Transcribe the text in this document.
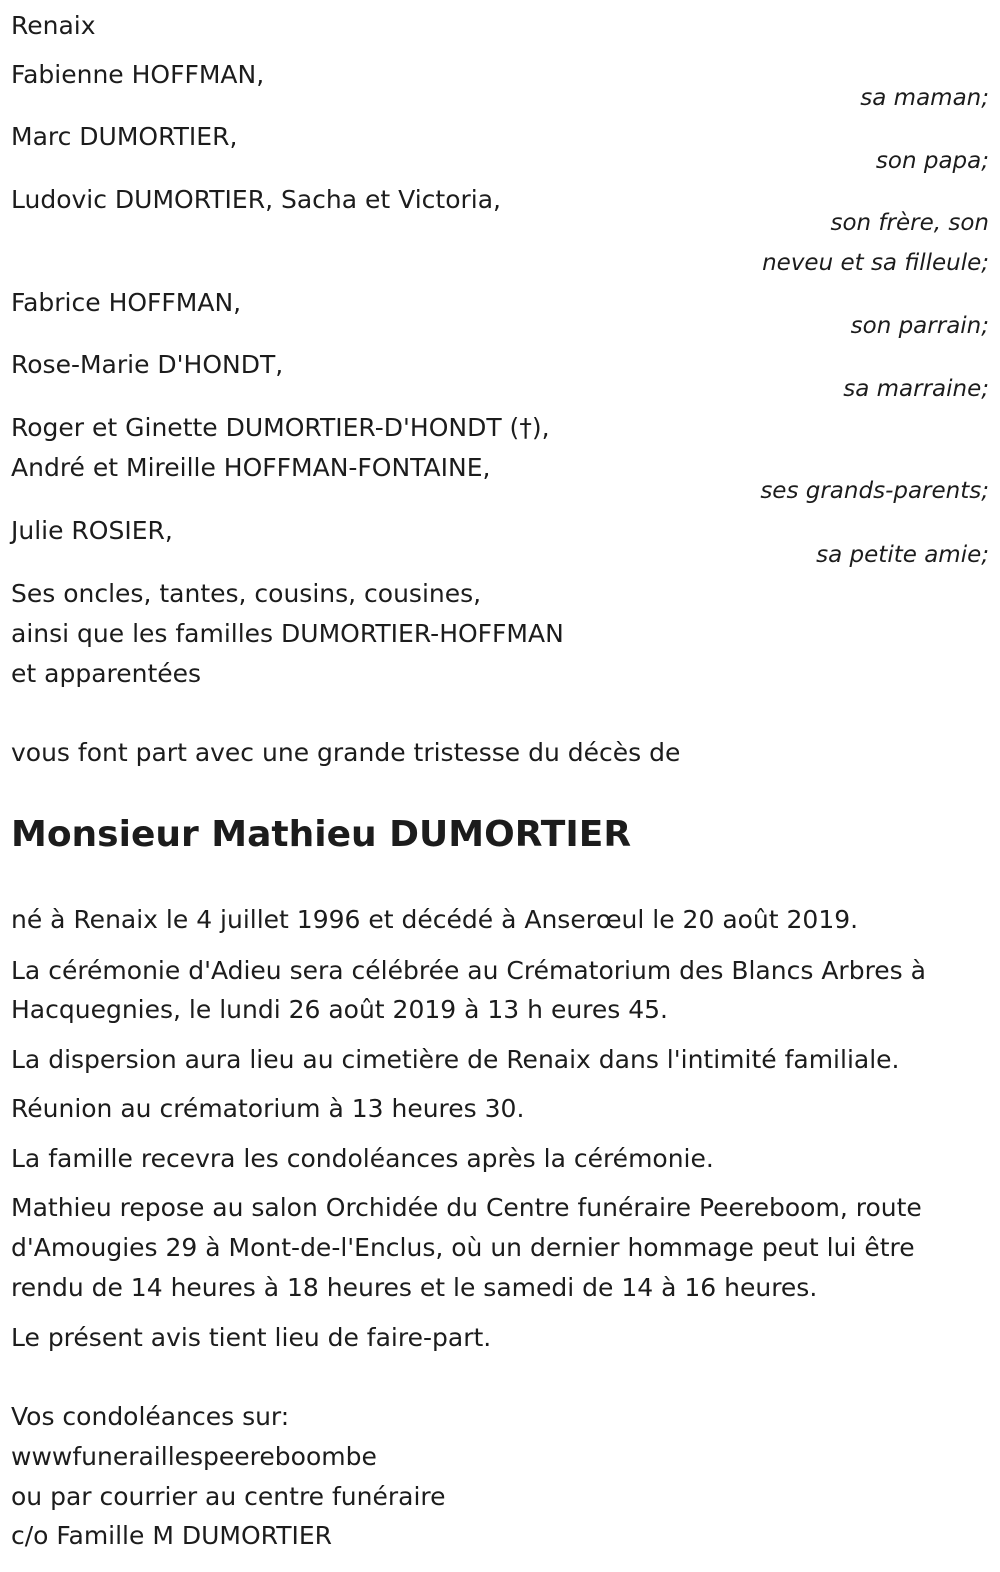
Renaix
Fabienne HOFFMAN,
sa maman;
Marc DUMORTIER,
son papa;
Ludovic DUMORTIER, Sacha et Victoria,
son frère, son
neveu et sa filleule;
Fabrice HOFFMAN,
son parrain;
Rose-Marie D'HONDT,
sa marraine;
Roger et Ginette DUMORTIER-D'HONDT (†),
André et Mireille HOFFMAN-FONTAINE,
ses grands-parents;
Julie ROSIER,
sa petite amie;
Ses oncles, tantes, cousins, cousines,
ainsi que les familles DUMORTIER-HOFFMAN
et apparentées
vous font part avec une grande tristesse du décès de
Monsieur Mathieu DUMORTIER
né à Renaix le 4 juillet 1996 et décédé à Anserœul le 20 août 2019.
La cérémonie d'Adieu sera célébrée au Crématorium des Blancs Arbres à
Hacquegnies, le lundi 26 août 2019 à 13 h eures 45.
La dispersion aura lieu au cimetière de Renaix dans l'intimité familiale.
Réunion au crématorium à 13 heures 30.
La famille recevra les condoléances après la cérémonie.
Mathieu repose au salon Orchidée du Centre funéraire Peereboom, route
d'Amougies 29 à Mont-de-l'Enclus, où un dernier hommage peut lui être
rendu de 14 heures à 18 heures et le samedi de 14 à 16 heures.
Le présent avis tient lieu de faire-part.
Vos condoléances sur:
wwwfuneraillespeereboombe
ou par courrier au centre funéraire
c/o Famille M DUMORTIER
